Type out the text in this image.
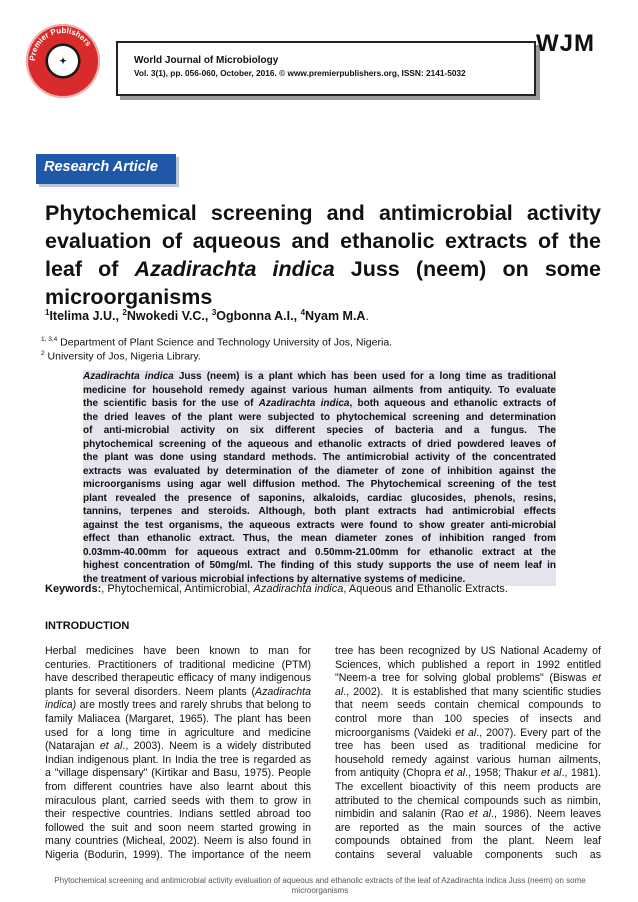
Premier Publishers
✦	World Journal of Microbiology
Vol. 3(1), pp. 056-060, October, 2016. © www.premierpublishers.org, ISSN: 2141-5032
WJM
Research Article
Phytochemical screening and antimicrobial activity
evaluation of aqueous and ethanolic extracts of the
leaf of Azadirachta indica Juss (neem) on some
microorganisms
$^1$Itelima J.U., $^2$Nwokedi V.C., $^3$Ogbonna A.I., $^4$Nyam M.A.
$^{1, 3,4}$ Department of Plant Science and Technology University of Jos, Nigeria.
$^2$ University of Jos, Nigeria Library.
Azadirachta indica Juss (neem) is a plant which has been used for a long time as traditional
medicine for household remedy against various human ailments from antiquity. To evaluate
the scientific basis for the use of Azadirachta indica, both aqueous and ethanolic extracts of
the dried leaves of the plant were subjected to phytochemical screening and determination
of anti-microbial activity on six different species of bacteria and a fungus. The
phytochemical screening of the aqueous and ethanolic extracts of dried powdered leaves of
the plant was done using standard methods. The antimicrobial activity of the concentrated
extracts was evaluated by determination of the diameter of zone of inhibition against the
microorganisms using agar well diffusion method. The Phytochemical screening of the test
plant revealed the presence of saponins, alkaloids, cardiac glucosides, phenols, resins,
tannins, terpenes and steroids. Although, both plant extracts had antimicrobial effects
against the test organisms, the aqueous extracts were found to show greater anti-microbial
effect than ethanolic extract. Thus, the mean diameter zones of inhibition ranged from
0.03mm-40.00mm for aqueous extract and 0.50mm-21.00mm for ethanolic extract at the
highest concentration of 50mg/ml. The finding of this study supports the use of neem leaf in
the treatment of various microbial infections by alternative systems of medicine.
Keywords:, Phytochemical, Antimicrobial, Azadirachta indica, Aqueous and Ethanolic Extracts.
INTRODUCTION
Herbal medicines have been known to man for
centuries. Practitioners of traditional medicine (PTM)
have described therapeutic efficacy of many indigenous
plants for several disorders. Neem plants (Azadirachta
indica) are mostly trees and rarely shrubs that belong to
family Maliacea (Margaret, 1965). The plant has been
used for a long time in agriculture and medicine
(Natarajan et al., 2003). Neem is a widely distributed
Indian indigenous plant. In India the tree is regarded as
a "village dispensary" (Kirtikar and Basu, 1975). People
from different countries have also learnt about this
miraculous plant, carried seeds with them to grow in
their respective countries. Indians settled abroad too
followed the suit and soon neem started growing in
many countries (Micheal, 2002). Neem is also found in
Nigeria (Bodurin, 1999). The importance of the neem
tree has been recognized by US National Academy of
Sciences, which published a report in 1992 entitled
"Neem-a tree for solving global problems" (Biswas et
al., 2002).  It is established that many scientific studies
that neem seeds contain chemical compounds to
control more than 100 species of insects and
microorganisms (Vaideki et al., 2007). Every part of the
tree has been used as traditional medicine for
household remedy against various human ailments,
from antiquity (Chopra et al., 1958; Thakur et al., 1981).
The excellent bioactivity of this neem products are
attributed to the chemical compounds such as nimbin,
nimbidin and salanin (Rao et al., 1986). Neem leaves
are reported as the main sources of the active
compounds obtained from the plant. Neem leaf
contains several valuable components such as
Phytochemical screening and antimicrobial activity evaluation of aqueous and ethanolic extracts of the leaf of Azadirachta indica Juss (neem) on some
microorganisms
